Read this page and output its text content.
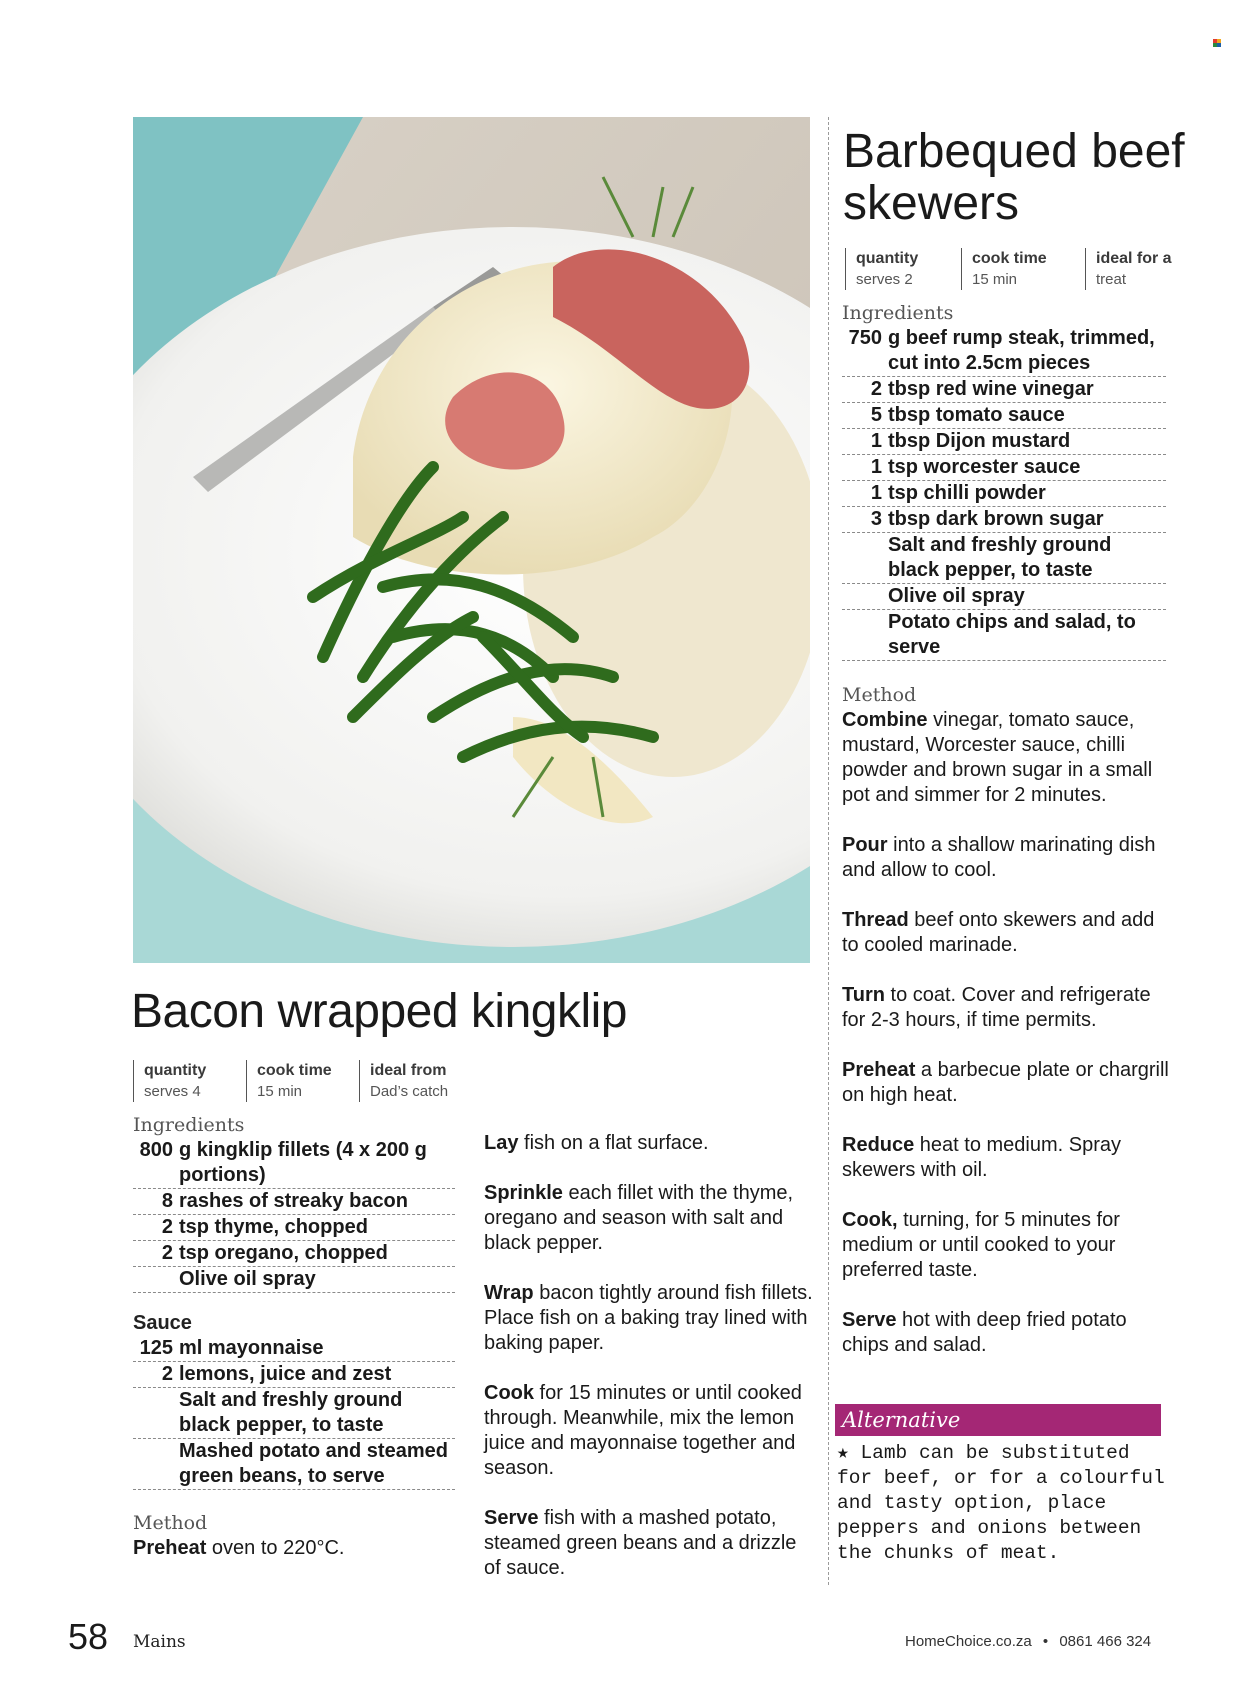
Barbequed beef skewers
quantity
serves 2
cook time
15 min
ideal for a
treat
Ingredients
750 g beef rump steak, trimmed, cut into 2.5cm pieces
2 tbsp red wine vinegar
5 tbsp tomato sauce
1 tbsp Dijon mustard
1 tsp worcester sauce
1 tsp chilli powder
3 tbsp dark brown sugar
Salt and freshly ground black pepper, to taste
Olive oil spray
Potato chips and salad, to serve
Method

Combine vinegar, tomato sauce, mustard, Worcester sauce, chilli powder and brown sugar in a small pot and simmer for 2 minutes.

Pour into a shallow marinating dish and allow to cool.

Thread beef onto skewers and add to cooled marinade.

Turn to coat. Cover and refrigerate for 2-3 hours, if time permits.

Preheat a barbecue plate or chargrill on high heat.

Reduce heat to medium. Spray skewers with oil.

Cook, turning, for 5 minutes for medium or until cooked to your preferred taste.

Serve hot with deep fried potato chips and salad.

Alternative
★ Lamb can be substituted for beef, or for a colourful and tasty option, place peppers and onions between the chunks of meat.
Bacon wrapped kingklip
quantity
serves 4
cook time
15 min
ideal from
Dad’s catch
Ingredients
800 g kingklip fillets (4 x 200 g portions)
8 rashes of streaky bacon
2 tsp thyme, chopped
2 tsp oregano, chopped
Olive oil spray
Sauce
125 ml mayonnaise
2 lemons, juice and zest
Salt and freshly ground black pepper, to taste
Mashed potato and steamed green beans, to serve
Method

Preheat oven to 220°C.

Lay fish on a flat surface.

Sprinkle each fillet with the thyme, oregano and season with salt and black pepper.

Wrap bacon tightly around fish fillets. Place fish on a baking tray lined with baking paper.

Cook for 15 minutes or until cooked through. Meanwhile, mix the lemon juice and mayonnaise together and season.

Serve fish with a mashed potato, steamed green beans and a drizzle of sauce.

58 Mains	HomeChoice.co.za • 0861 466 324
